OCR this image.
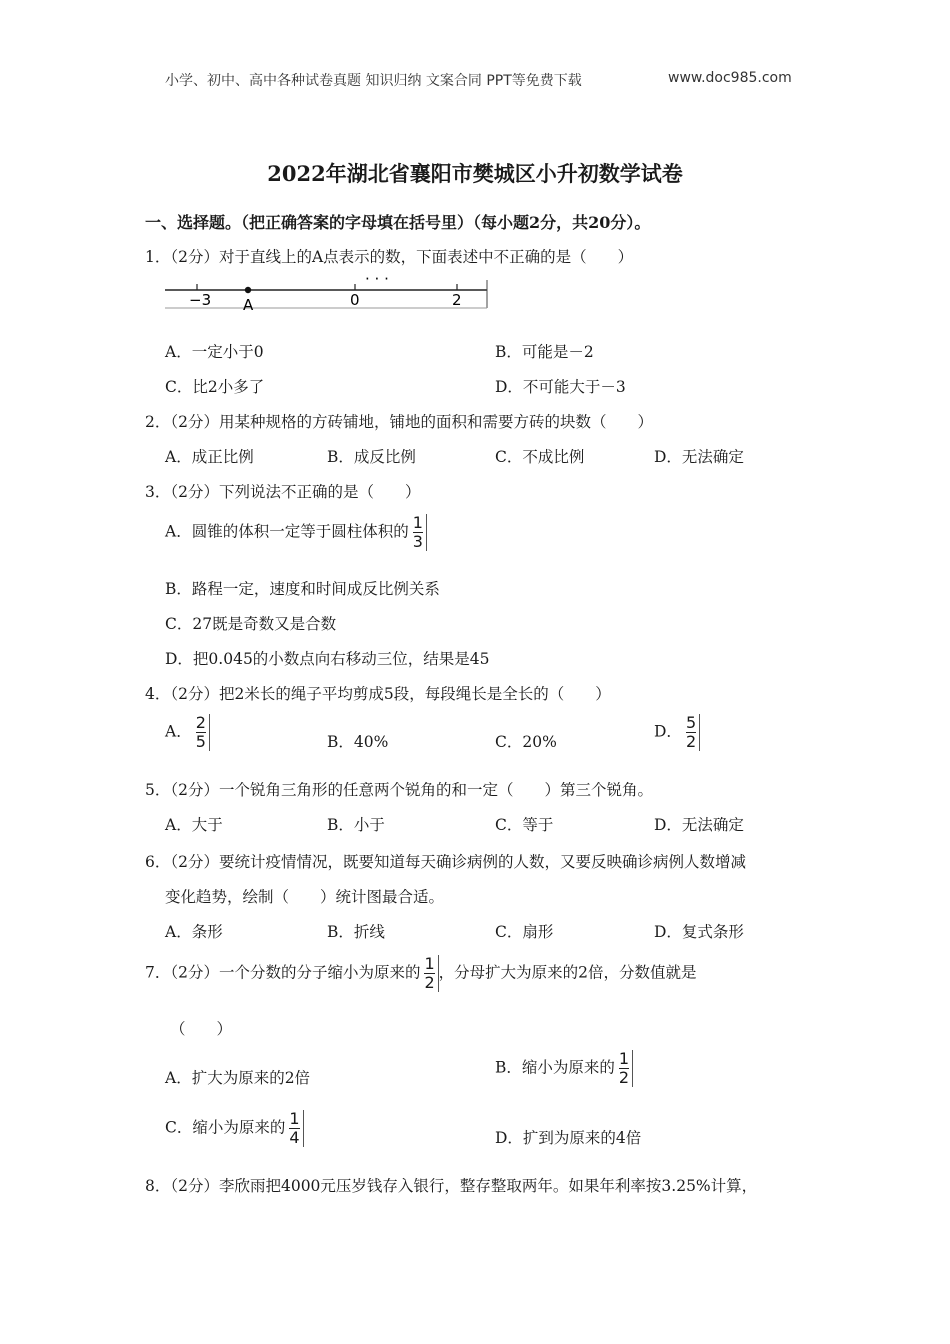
小学、初中、高中各种试卷真题 知识归纳 文案合同 PPT等免费下载	www.doc985.com
2022年湖北省襄阳市樊城区小升初数学试卷
一、选择题。（把正确答案的字母填在括号里）（每小题2分，共20分）。
1．（2分）对于直线上的A点表示的数，下面表述中不正确的是（　　）
−3 A	0	2
· · ·
A．一定小于0	B．可能是－2
C．比2小多了	D．不可能大于－3
2．（2分）用某种规格的方砖铺地，铺地的面积和需要方砖的块数（　　）
A．成正比例	B．成反比例	C．不成比例	D．无法确定
3．（2分）下列说法不正确的是（　　）
A．圆锥的体积一定等于圆柱体积的 $\frac{1}{3}$
B．路程一定，速度和时间成反比例关系
C．27既是奇数又是合数
D．把0.045的小数点向右移动三位，结果是45
4．（2分）把2米长的绳子平均剪成5段，每段绳长是全长的（　　）
A． $\frac{2}{5}$	B．40%	C．20%
D． $\frac{5}{2}$
5．（2分）一个锐角三角形的任意两个锐角的和一定（　　）第三个锐角。
A．大于	B．小于	C．等于	D．无法确定
6．（2分）要统计疫情情况，既要知道每天确诊病例的人数，又要反映确诊病例人数增减
变化趋势，绘制（　　）统计图最合适。
A．条形	B．折线	C．扇形	D．复式条形
7．（2分）一个分数的分子缩小为原来的 $\frac{1}{2}$ ，分母扩大为原来的2倍，分数值就是
（　　）
A．扩大为原来的2倍
B．缩小为原来的 $\frac{1}{2}$
C．缩小为原来的 $\frac{1}{4}$	D．扩到为原来的4倍
8．（2分）李欣雨把4000元压岁钱存入银行，整存整取两年。如果年利率按3.25%计算，
